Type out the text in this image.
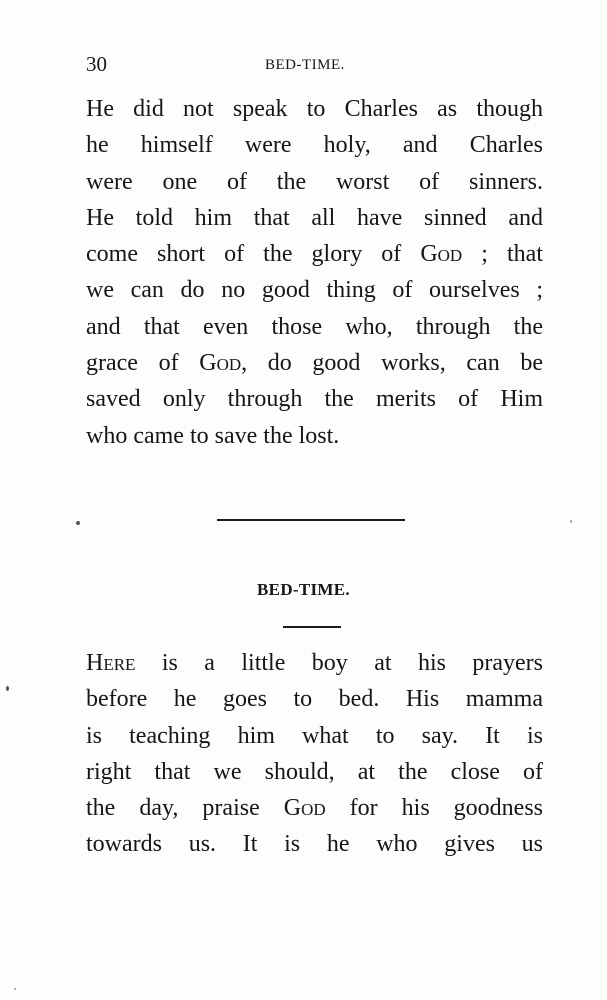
30	BED-TIME.
He did not speak to Charles as though
he himself were holy, and Charles
were one of the worst of sinners.
He told him that all have sinned and
come short of the glory of God ; that
we can do no good thing of ourselves ;
and that even those who, through the
grace of God, do good works, can be
saved only through the merits of Him
who came to save the lost.
BED-TIME.
Here is a little boy at his prayers
before he goes to bed. His mamma
is teaching him what to say. It is
right that we should, at the close of
the day, praise God for his goodness
towards us. It is he who gives us
